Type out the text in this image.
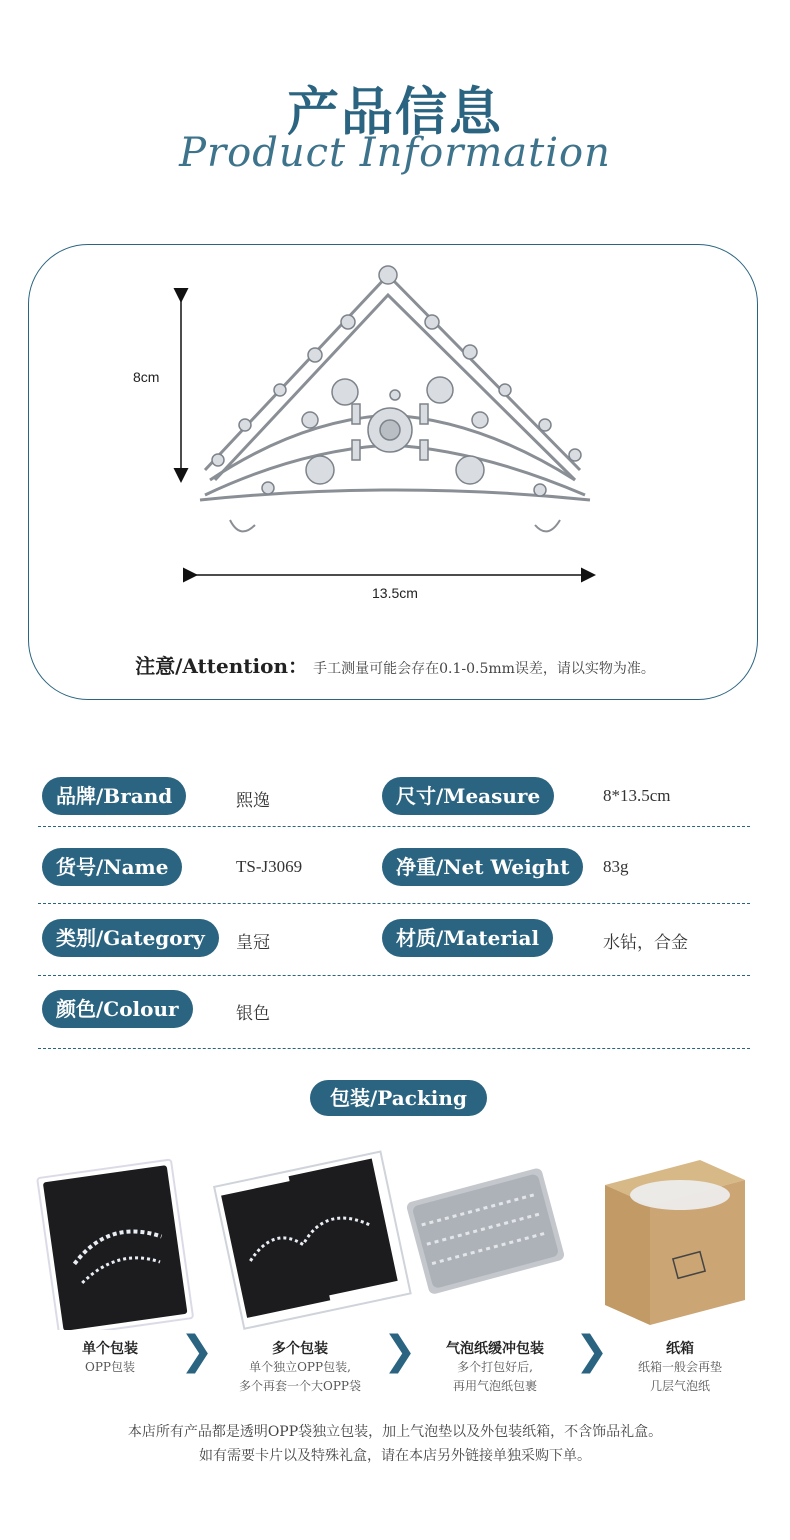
产品信息
Product Information
8cm
13.5cm
注意/Attention： 手工测量可能会存在0.1-0.5mm误差，请以实物为准。
品牌/Brand	熙逸	尺寸/Measure	8*13.5cm
货号/Name	TS-J3069	净重/Net Weight	83g
类别/Gategory	皇冠	材质/Material	水钻，合金
颜色/Colour	银色
包装/Packing
单个包装
OPP包装	❯	多个包装
单个独立OPP包装,
多个再套一个大OPP袋
❯	气泡纸缓冲包装
多个打包好后,
再用气泡纸包裹
❯	纸箱
纸箱一般会再垫
几层气泡纸
本店所有产品都是透明OPP袋独立包装，加上气泡垫以及外包装纸箱，不含饰品礼盒。
如有需要卡片以及特殊礼盒，请在本店另外链接单独采购下单。
